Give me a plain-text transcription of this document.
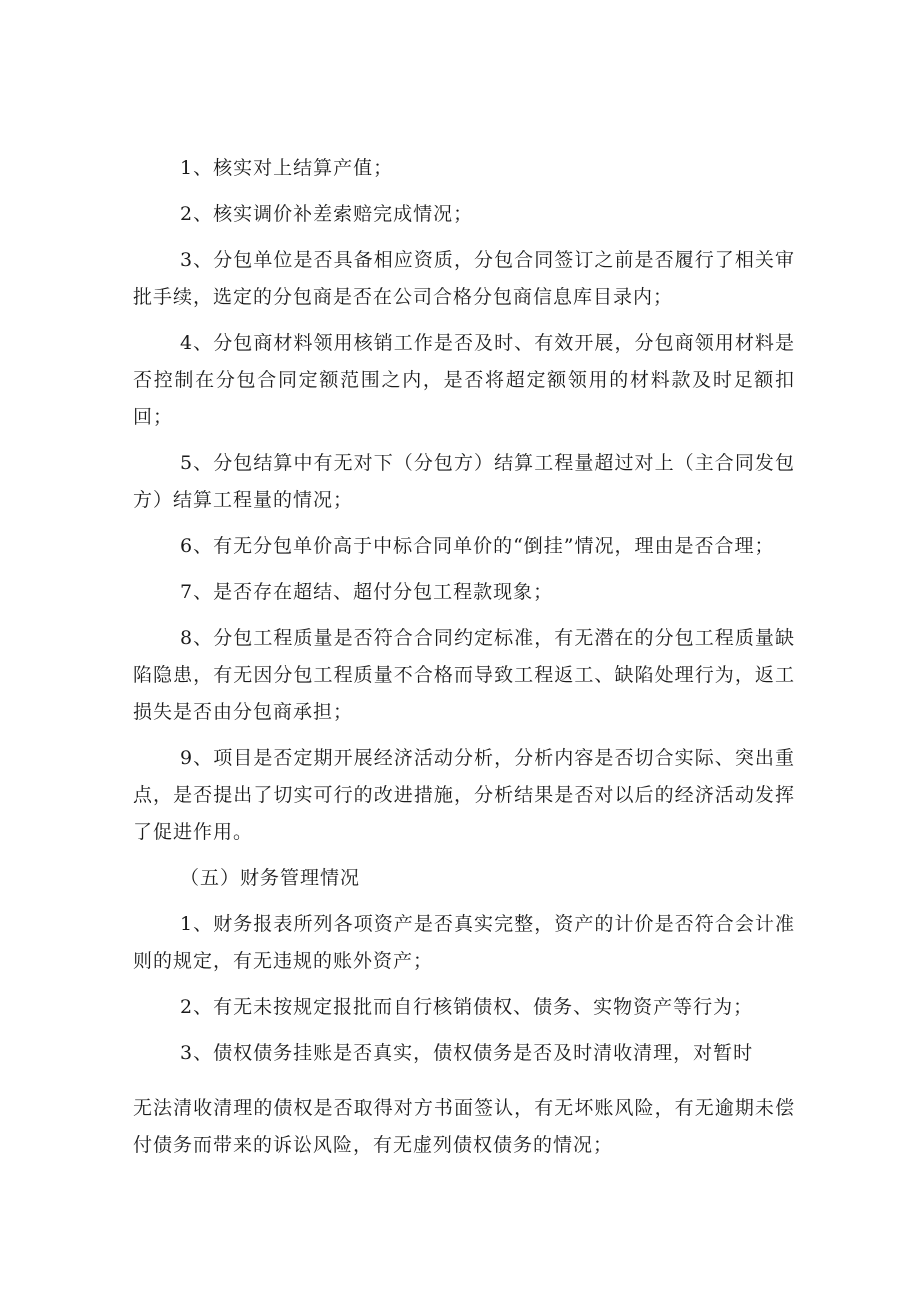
1、核实对上结算产值；

2、核实调价补差索赔完成情况；

3、分包单位是否具备相应资质，分包合同签订之前是否履行了相关审批手续，选定的分包商是否在公司合格分包商信息库目录内；

4、分包商材料领用核销工作是否及时、有效开展，分包商领用材料是否控制在分包合同定额范围之内，是否将超定额领用的材料款及时足额扣回；

5、分包结算中有无对下（分包方）结算工程量超过对上（主合同发包方）结算工程量的情况；

6、有无分包单价高于中标合同单价的“倒挂”情况，理由是否合理；

7、是否存在超结、超付分包工程款现象；

8、分包工程质量是否符合合同约定标准，有无潜在的分包工程质量缺陷隐患，有无因分包工程质量不合格而导致工程返工、缺陷处理行为，返工损失是否由分包商承担；

9、项目是否定期开展经济活动分析，分析内容是否切合实际、突出重点，是否提出了切实可行的改进措施，分析结果是否对以后的经济活动发挥了促进作用。

（五）财务管理情况

1、财务报表所列各项资产是否真实完整，资产的计价是否符合会计准则的规定，有无违规的账外资产；

2、有无未按规定报批而自行核销债权、债务、实物资产等行为；

3、债权债务挂账是否真实，债权债务是否及时清收清理，对暂时

无法清收清理的债权是否取得对方书面签认，有无坏账风险，有无逾期未偿付债务而带来的诉讼风险，有无虚列债权债务的情况；
